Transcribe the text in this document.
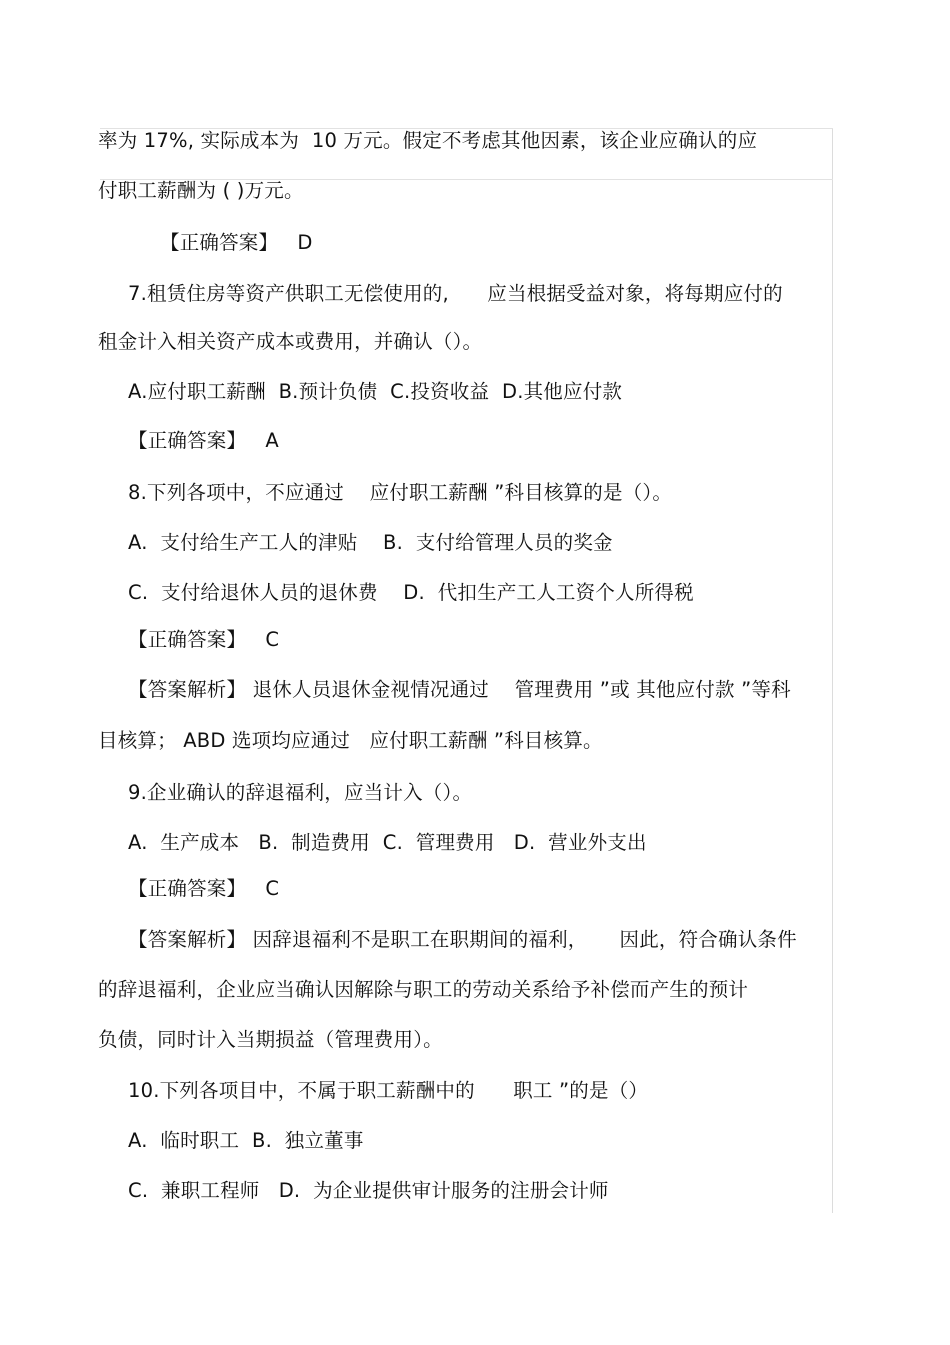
率为 17%, 实际成本为  10 万元。假定不考虑其他因素，该企业应确认的应
付职工薪酬为 ( )万元。
【正确答案】   D
7.租赁住房等资产供职工无偿使用的,      应当根据受益对象，将每期应付的
租金计入相关资产成本或费用，并确认（）。
A.应付职工薪酬  B.预计负债  C.投资收益  D.其他应付款
【正确答案】   A
8.下列各项中，不应通过    应付职工薪酬 ”科目核算的是（）。
A.  支付给生产工人的津贴    B.  支付给管理人员的奖金
C.  支付给退休人员的退休费    D.  代扣生产工人工资个人所得税
【正确答案】   C
【答案解析】 退休人员退休金视情况通过    管理费用 ”或 其他应付款 ”等科
目核算； ABD 选项均应通过   应付职工薪酬 ”科目核算。
9.企业确认的辞退福利，应当计入（）。
A.  生产成本   B.  制造费用  C.  管理费用   D.  营业外支出
【正确答案】   C
【答案解析】 因辞退福利不是职工在职期间的福利，     因此，符合确认条件
的辞退福利，企业应当确认因解除与职工的劳动关系给予补偿而产生的预计
负债，同时计入当期损益（管理费用）。
10.下列各项目中，不属于职工薪酬中的      职工 ”的是（）
A.  临时职工  B.  独立董事
C.  兼职工程师   D.  为企业提供审计服务的注册会计师
